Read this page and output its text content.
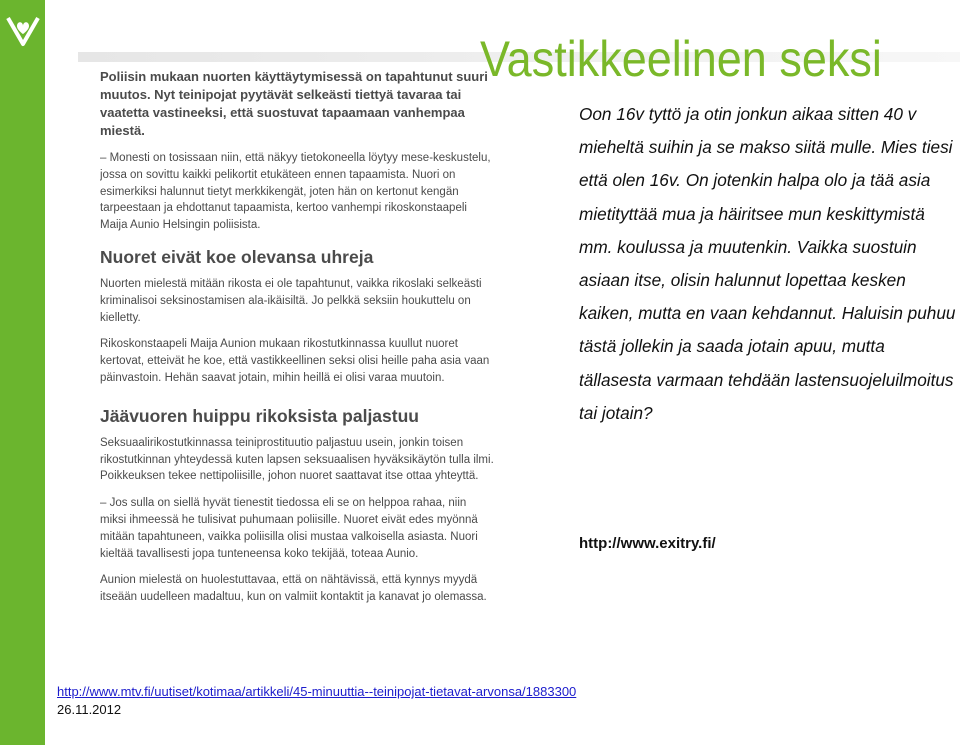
Vastikkeelinen seksi

Poliisin mukaan nuorten käyttäytymisessä on tapahtunut suuri muutos. Nyt teinipojat pyytävät selkeästi tiettyä tavaraa tai vaatetta vastineeksi, että suostuvat tapaamaan vanhempaa miestä.

– Monesti on tosissaan niin, että näkyy tietokoneella löytyy mese-keskustelu, jossa on sovittu kaikki pelikortit etukäteen ennen tapaamista. Nuori on esimerkiksi halunnut tietyt merkkikengät, joten hän on kertonut kengän tarpeestaan ja ehdottanut tapaamista, kertoo vanhempi rikoskonstaapeli Maija Aunio Helsingin poliisista.

Nuoret eivät koe olevansa uhreja

Nuorten mielestä mitään rikosta ei ole tapahtunut, vaikka rikoslaki selkeästi kriminalisoi seksinostamisen ala-ikäisiltä. Jo pelkkä seksiin houkuttelu on kielletty.

Rikoskonstaapeli Maija Aunion mukaan rikostutkinnassa kuullut nuoret kertovat, etteivät he koe, että vastikkeellinen seksi olisi heille paha asia vaan päinvastoin. Hehän saavat jotain, mihin heillä ei olisi varaa muutoin.

Jäävuoren huippu rikoksista paljastuu

Seksuaalirikostutkinnassa teiniprostituutio paljastuu usein, jonkin toisen rikostutkinnan yhteydessä kuten lapsen seksuaalisen hyväksikäytön tulla ilmi. Poikkeuksen tekee nettipoliisille, johon nuoret saattavat itse ottaa yhteyttä.

– Jos sulla on siellä hyvät tienestit tiedossa eli se on helppoa rahaa, niin miksi ihmeessä he tulisivat puhumaan poliisille. Nuoret eivät edes myönnä mitään tapahtuneen, vaikka poliisilla olisi mustaa valkoisella asiasta. Nuori kieltää tavallisesti jopa tunteneensa koko tekijää, toteaa Aunio.

Aunion mielestä on huolestuttavaa, että on nähtävissä, että kynnys myydä itseään uudelleen madaltuu, kun on valmiit kontaktit ja kanavat jo olemassa.

Oon 16v tyttö ja otin jonkun aikaa sitten 40 v mieheltä suihin ja se makso siitä mulle. Mies tiesi että olen 16v. On jotenkin halpa olo ja tää asia mietityttää mua ja häiritsee mun keskittymistä mm. koulussa ja muutenkin. Vaikka suostuin asiaan itse, olisin halunnut lopettaa kesken kaiken, mutta en vaan kehdannut. Haluisin puhuu tästä jollekin ja saada jotain apuu, mutta tällasesta varmaan tehdään lastensuojeluilmoitus tai jotain?
http://www.exitry.fi/
http://www.mtv.fi/uutiset/kotimaa/artikkeli/45-minuuttia--teinipojat-tietavat-arvonsa/1883300
26.11.2012
